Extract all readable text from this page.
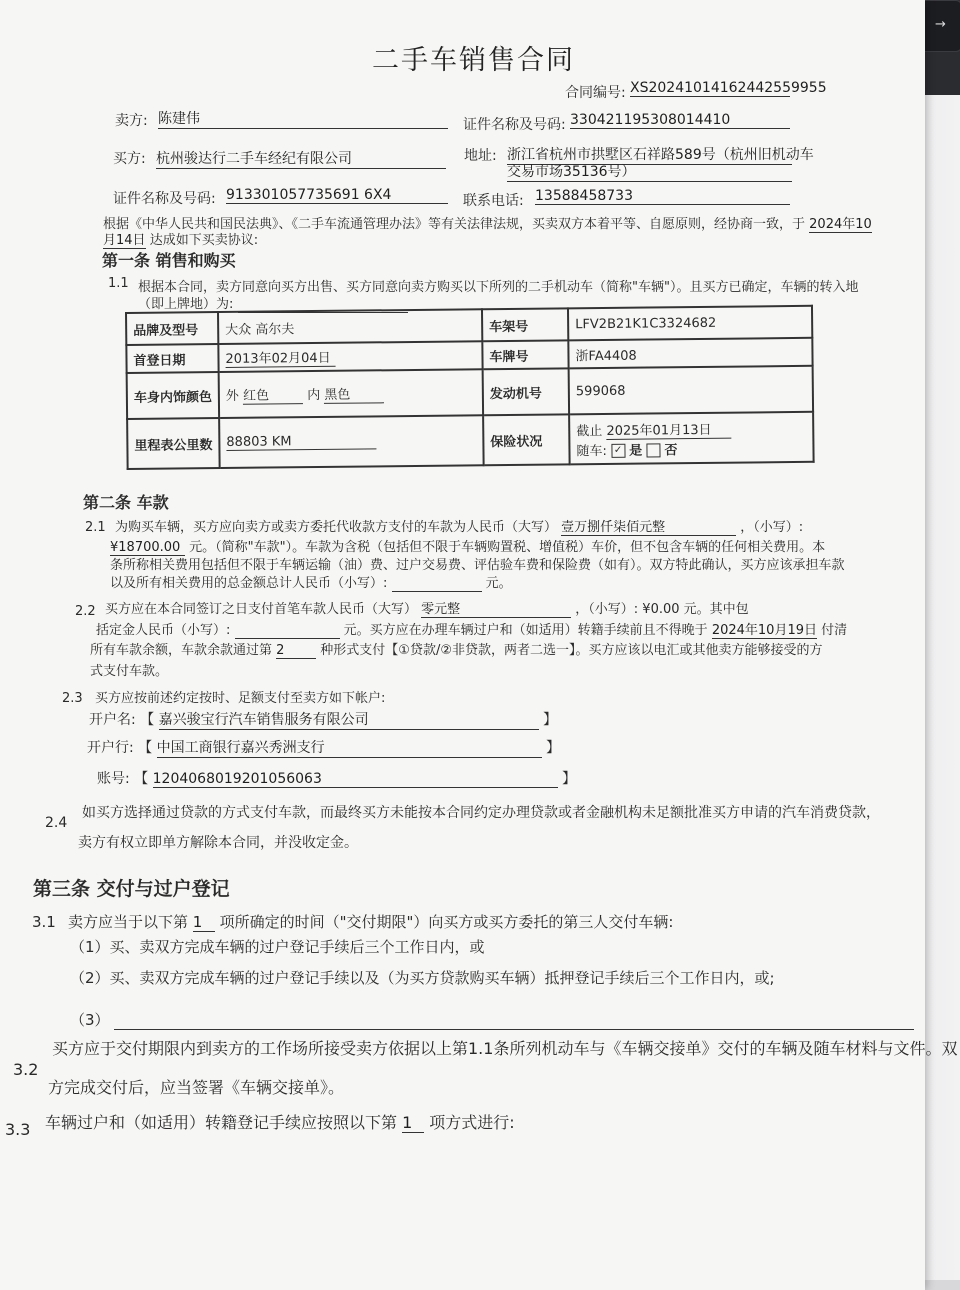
→
二手车销售合同
合同编号: XS20241014162442559955
卖方: 陈建伟	证件名称及号码: 330421195308014410
买方: 杭州骏达行二手车经纪有限公司	地址: 浙江省杭州市拱墅区石祥路589号（杭州旧机动车
交易市场35136号）
证件名称及号码: 913301057735691 6X4	联系电话: 13588458733
根据《中华人民共和国民法典》、《二手车流通管理办法》等有关法律法规，买卖双方本着平等、自愿原则，经协商一致，于 2024年10
月14日 达成如下买卖协议:
第一条 销售和购买
1.1 根据本合同，卖方同意向买方出售、买方同意向卖方购买以下所列的二手机动车（简称"车辆"）。且买方已确定，车辆的转入地
（即上牌地）为:
品牌及型号	大众 高尔夫	车架号	LFV2B21K1C3324682
首登日期	2013年02月04日	车牌号	浙FA4408
车身内饰颜色	外 红色 内 黑色	发动机号	599068
里程表公里数	88803 KM	保险状况	截止 2025年01月13日
随车: ✓ 是 否
第二条 车款
2.1 为购买车辆，买方应向卖方或卖方委托代收款方支付的车款为人民币（大写） 壹万捌仟柒佰元整	，（小写）:
¥18700.00 元。（简称"车款"）。车款为含税（包括但不限于车辆购置税、增值税）车价，但不包含车辆的任何相关费用。本
条所称相关费用包括但不限于车辆运输（油）费、过户交易费、评估验车费和保险费（如有）。双方特此确认，买方应该承担车款
以及所有相关费用的总金额总计人民币（小写）:	元。
2.2 买方应在本合同签订之日支付首笔车款人民币（大写） 零元整	，（小写）: ¥0.00 元。其中包
括定金人民币（小写）:	元。买方应在办理车辆过户和（如适用）转籍手续前且不得晚于 2024年10月19日 付清
所有车款余额，车款余款通过第 2	种形式支付【①贷款/②非贷款，两者二选一】。买方应该以电汇或其他卖方能够接受的方
式支付车款。
2.3 买方应按前述约定按时、足额支付至卖方如下帐户:
开户名: 【 嘉兴骏宝行汽车销售服务有限公司	】
开户行: 【 中国工商银行嘉兴秀洲支行	】
账号: 【 1204068019201056063	】
2.4
如买方选择通过贷款的方式支付车款，而最终买方未能按本合同约定办理贷款或者金融机构未足额批准买方申请的汽车消费贷款，
卖方有权立即单方解除本合同，并没收定金。
第三条 交付与过户登记
3.1 卖方应当于以下第 1 项所确定的时间（"交付期限"）向买方或买方委托的第三人交付车辆:
（1）买、卖双方完成车辆的过户登记手续后三个工作日内，或
（2）买、卖双方完成车辆的过户登记手续以及（为买方贷款购买车辆）抵押登记手续后三个工作日内，或;
（3）
3.2
买方应于交付期限内到卖方的工作场所接受卖方依据以上第1.1条所列机动车与《车辆交接单》交付的车辆及随车材料与文件。双
方完成交付后，应当签署《车辆交接单》。
3.3 车辆过户和（如适用）转籍登记手续应按照以下第 1 项方式进行:
